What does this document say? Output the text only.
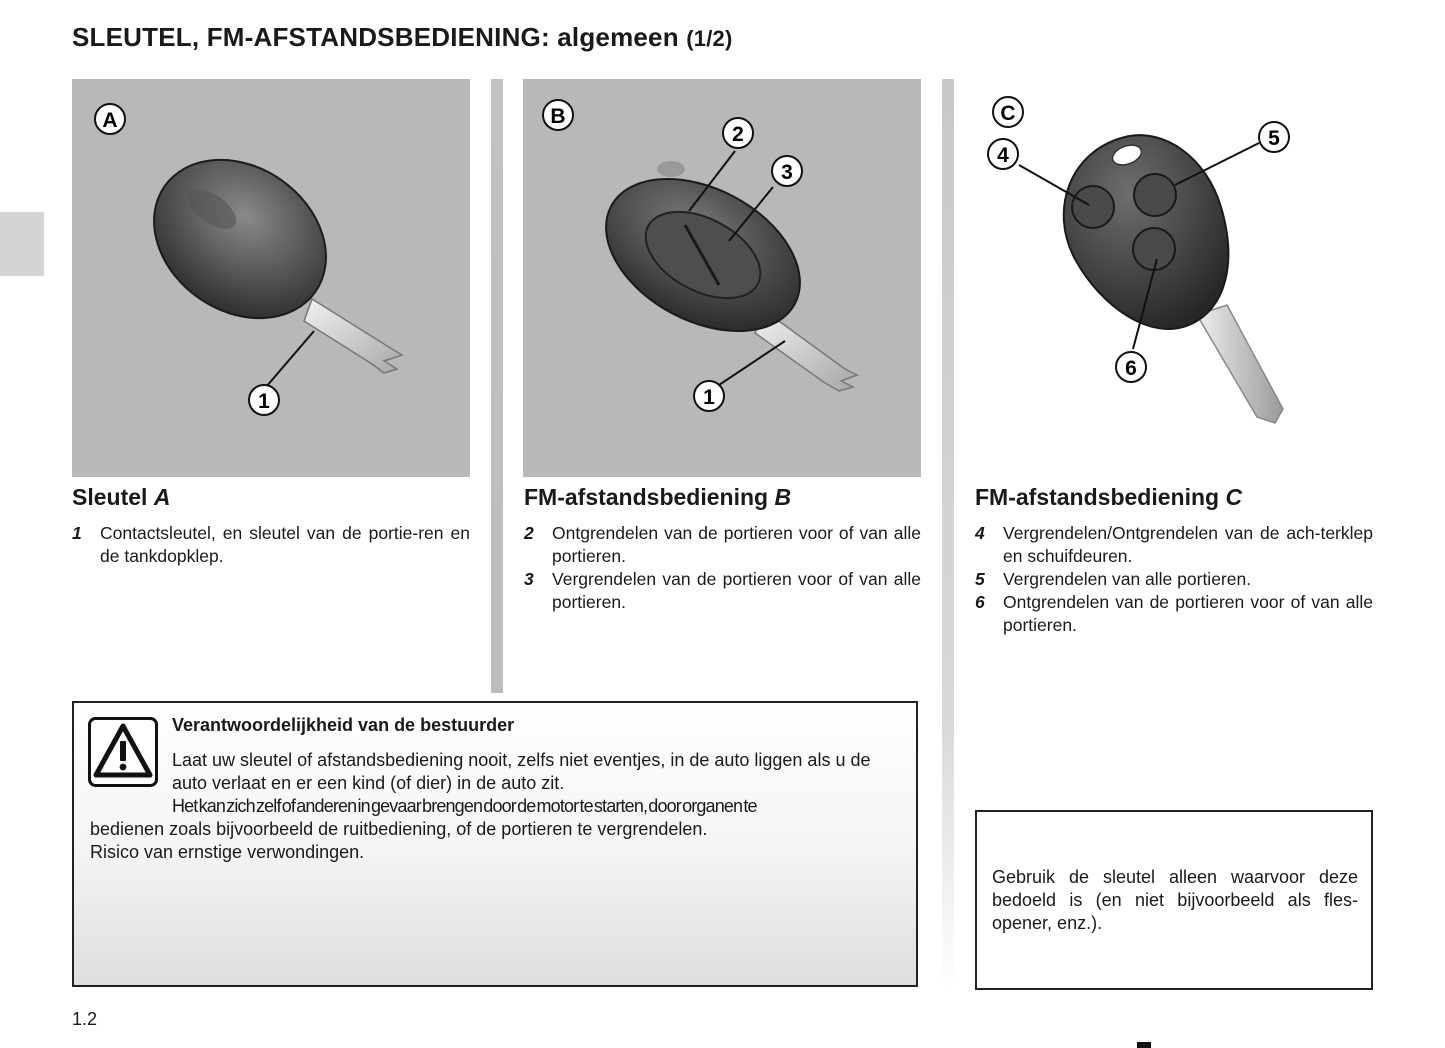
SLEUTEL, FM-AFSTANDSBEDIENING: algemeen (1/2)
A
1
B
2
3
1
C
4
5
6
Sleutel A
1 Contactsleutel, en sleutel van de portie-ren en de tankdopklep.
FM-afstandsbediening B
2 Ontgrendelen van de portieren voor of van alle portieren.
3 Vergrendelen van de portieren voor of van alle portieren.
FM-afstandsbediening C
4 Vergrendelen/Ontgrendelen van de ach-terklep en schuifdeuren.
5 Vergrendelen van alle portieren.
6 Ontgrendelen van de portieren voor of van alle portieren.
Verantwoordelijkheid van de bestuurder
Laat uw sleutel of afstandsbediening nooit, zelfs niet eventjes, in de auto liggen als u de auto verlaat en er een kind (of dier) in de auto zit.
Het kan zich zelf of anderen in gevaar brengen door de motor te starten, door organen te
bedienen zoals bijvoorbeeld de ruitbediening, of de portieren te vergrendelen.
Risico van ernstige verwondingen.
Gebruik de sleutel alleen waarvoor deze bedoeld is (en niet bijvoorbeeld als fles-opener, enz.).
1.2
